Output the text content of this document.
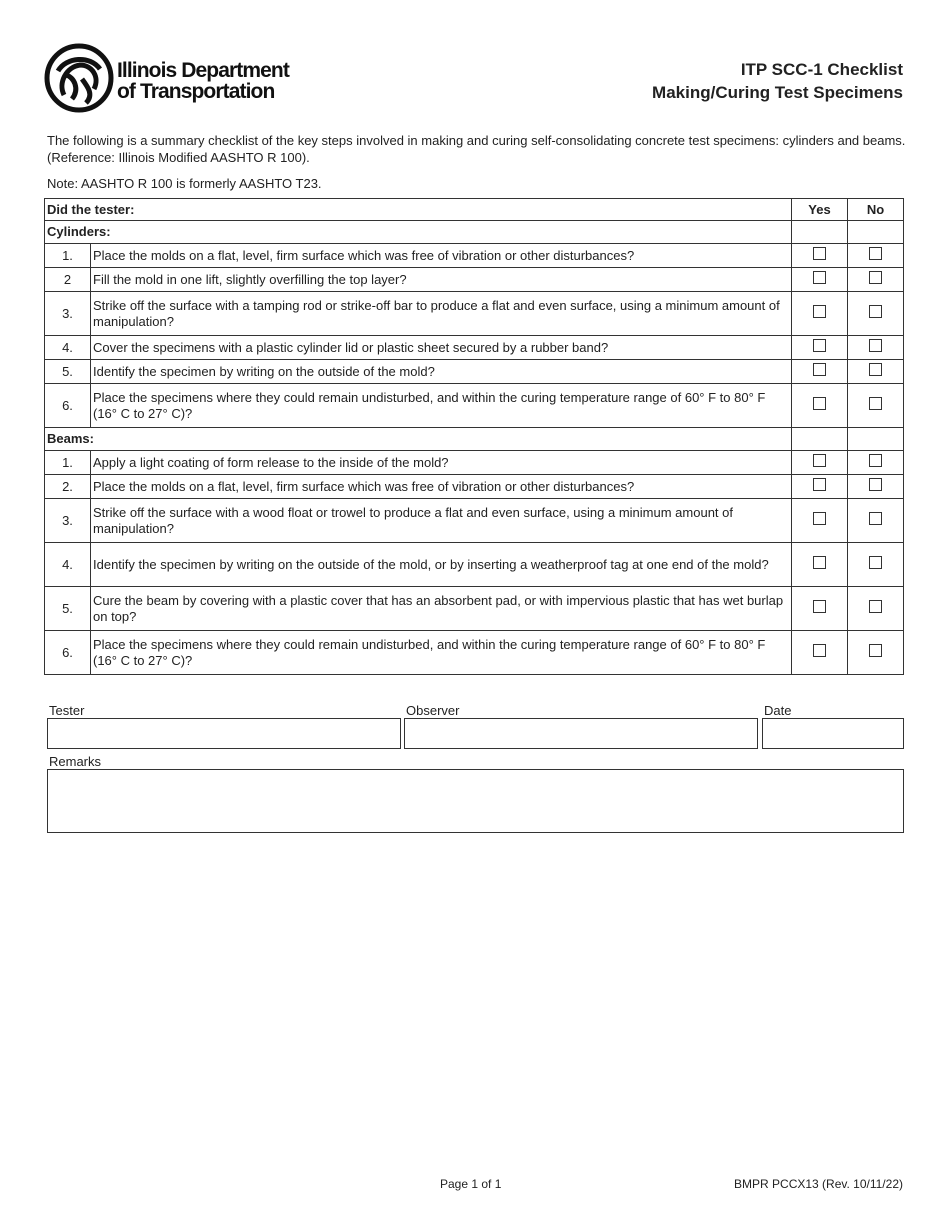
Illinois Department
of Transportation
ITP SCC-1 Checklist
Making/Curing Test Specimens
The following is a summary checklist of the key steps involved in making and curing self-consolidating concrete test specimens: cylinders and beams. (Reference: Illinois Modified AASHTO R 100).
Note: AASHTO R 100 is formerly AASHTO T23.
Did the tester:		Yes	No
Cylinders:			
1.	Place the molds on a flat, level, firm surface which was free of vibration or other disturbances?		
2	Fill the mold in one lift, slightly overfilling the top layer?		
3.	Strike off the surface with a tamping rod or strike-off bar to produce a flat and even surface, using a minimum amount of manipulation?		
4.	Cover the specimens with a plastic cylinder lid or plastic sheet secured by a rubber band?		
5.	Identify the specimen by writing on the outside of the mold?		
6.	Place the specimens where they could remain undisturbed, and within the curing temperature range of 60° F to 80° F (16° C to 27° C)?		
Beams:			
1.	Apply a light coating of form release to the inside of the mold?		
2.	Place the molds on a flat, level, firm surface which was free of vibration or other disturbances?		
3.	Strike off the surface with a wood float or trowel to produce a flat and even surface, using a minimum amount of manipulation?		
4.	Identify the specimen by writing on the outside of the mold, or by inserting a weatherproof tag at one end of the mold?		
5.	Cure the beam by covering with a plastic cover that has an absorbent pad, or with impervious plastic that has wet burlap on top?		
6.	Place the specimens where they could remain undisturbed, and within the curing temperature range of 60° F to 80° F (16° C to 27° C)?		
Tester	Observer	Date
Remarks
Page 1 of 1	BMPR PCCX13 (Rev. 10/11/22)
